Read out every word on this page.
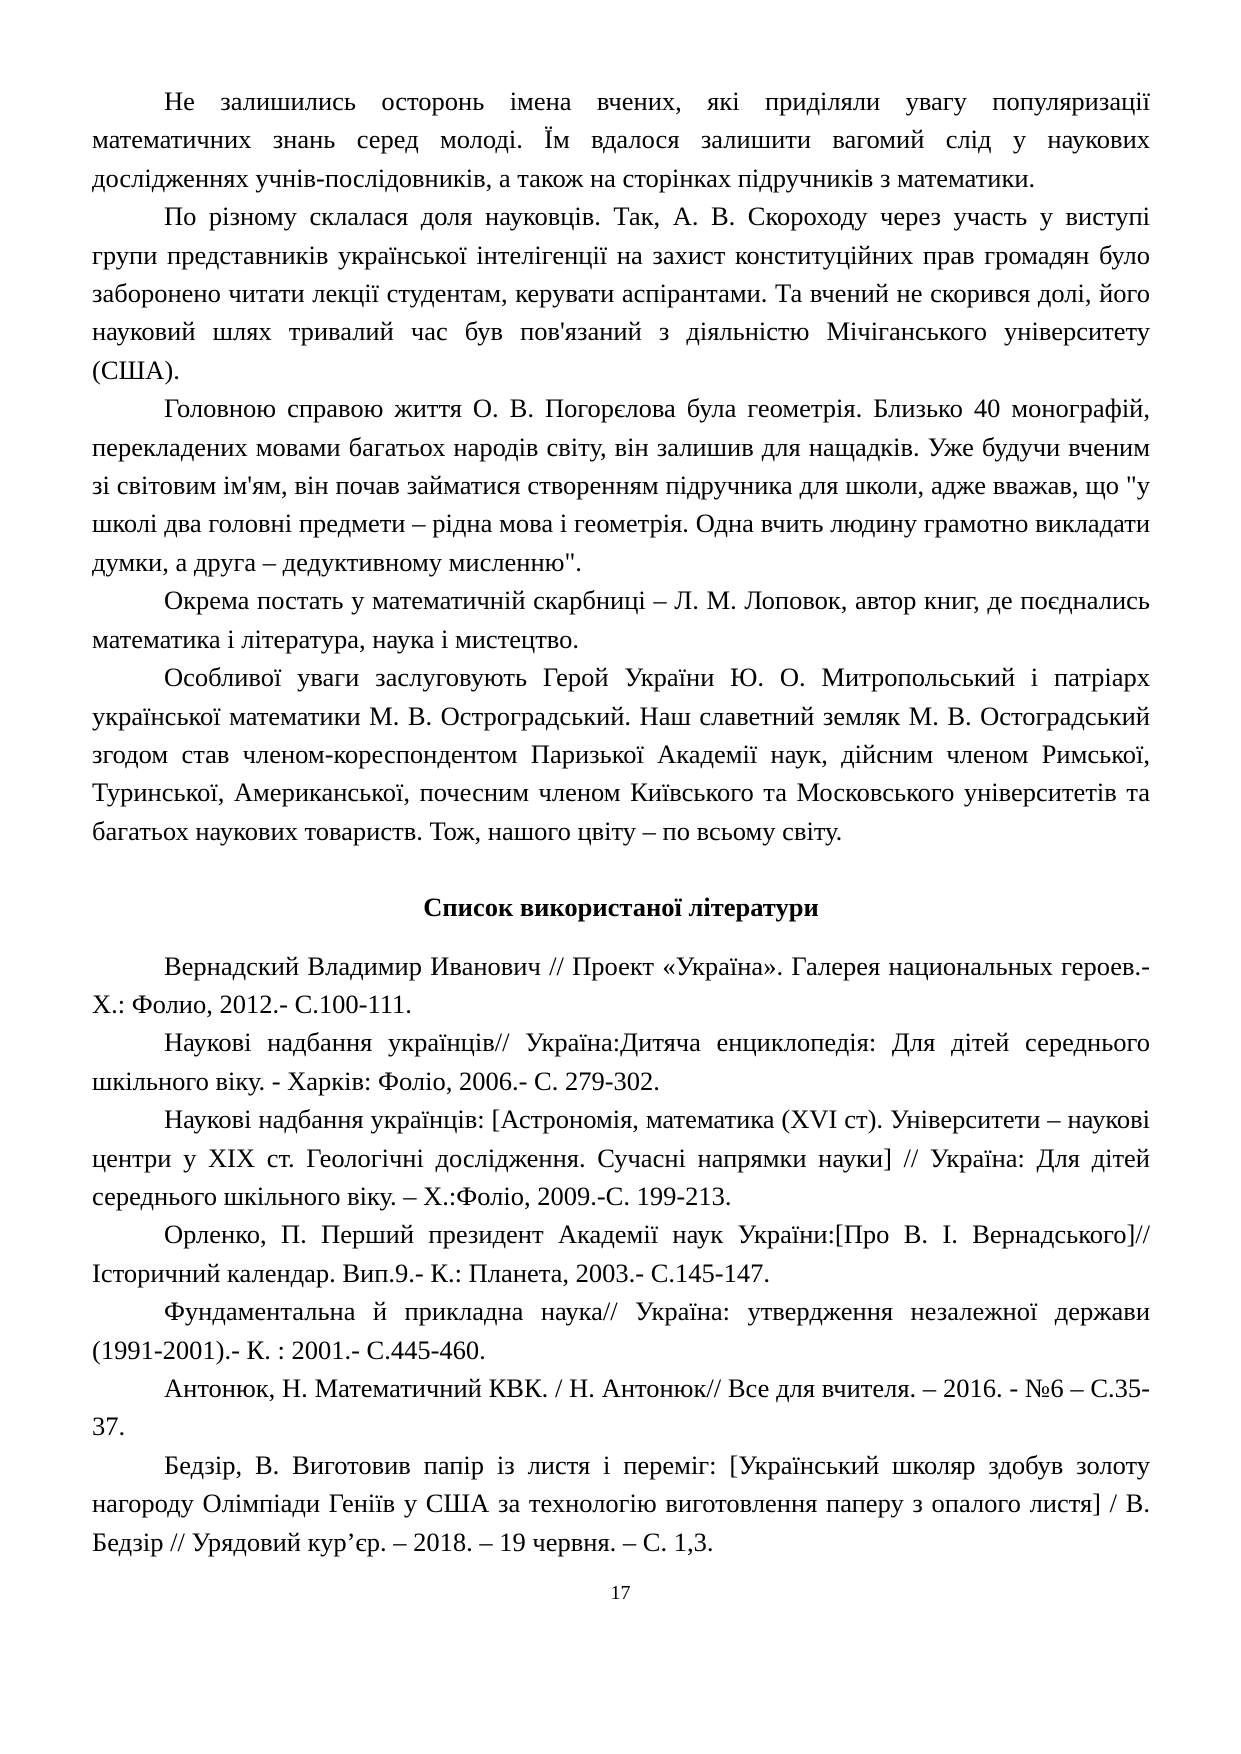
Не залишились осторонь імена вчених, які приділяли увагу популяризації математичних знань серед молоді. Їм вдалося залишити вагомий слід у наукових дослідженнях учнів-послідовників, а також на сторінках підручників з математики.

По різному склалася доля науковців. Так, А. В. Скороходу через участь у виступі групи представників української інтелігенції на захист конституційних прав громадян було заборонено читати лекції студентам, керувати аспірантами. Та вчений не скорився долі, його науковий шлях тривалий час був пов'язаний з діяльністю Мічіганського університету (США).

Головною справою життя О. В. Погорєлова була геометрія. Близько 40 монографій, перекладених мовами багатьох народів світу, він залишив для нащадків. Уже будучи вченим зі світовим ім'ям, він почав займатися створенням підручника для школи, адже вважав, що "у школі два головні предмети – рідна мова і геометрія. Одна вчить людину грамотно викладати думки, а друга – дедуктивному мисленню".

Окрема постать у математичній скарбниці – Л. М. Лоповок, автор книг, де поєднались математика і література, наука і мистецтво.

Особливої уваги заслуговують Герой України Ю. О. Митропольський і патріарх української математики М. В. Остроградський. Наш славетний земляк М. В. Остоградський згодом став членом-кореспондентом Паризької Академії наук, дійсним членом Римської, Туринської, Американської, почесним членом Київського та Московського університетів та багатьох наукових товариств. Тож, нашого цвіту – по всьому світу.

Список використаної літератури

Вернадский Владимир Иванович // Проект «Україна». Галерея национальных героев.- Х.: Фолио, 2012.- С.100-111.

Наукові надбання українців// Україна:Дитяча енциклопедія: Для дітей середнього шкільного віку. - Харків: Фоліо, 2006.- С. 279-302.

Наукові надбання українців: [Астрономія, математика (XVI ст). Університети – наукові центри у XIX ст. Геологічні дослідження. Сучасні напрямки науки] // Україна: Для дітей середнього шкільного віку. – Х.:Фоліо, 2009.-С. 199-213.

Орленко, П. Перший президент Академії наук України:[Про В. І. Вернадського]// Історичний календар. Вип.9.- К.: Планета, 2003.- С.145-147.

Фундаментальна й прикладна наука// Україна: утвердження незалежної держави (1991-2001).- К. : 2001.- С.445-460.

Антонюк, Н. Математичний КВК. / Н. Антонюк// Все для вчителя. – 2016. - №6 – С.35-37.

Бедзір, В. Виготовив папір із листя і переміг: [Український школяр здобув золоту нагороду Олімпіади Геніїв у США за технологію виготовлення паперу з опалого листя] / В. Бедзір // Урядовий кур’єр. – 2018. – 19 червня. – С. 1,3.

17
